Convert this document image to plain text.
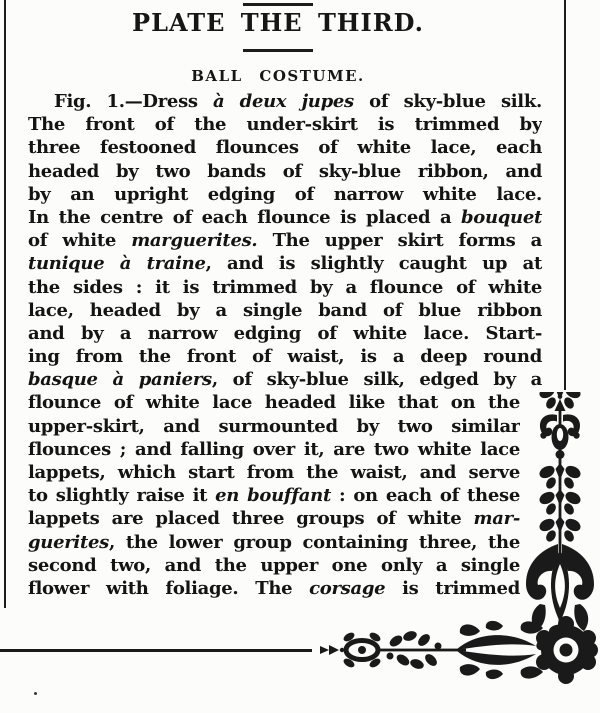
PLATE THE THIRD.
BALL COSTUME.
Fig. 1.—Dress à deux jupes of sky-blue silk.
The front of the under-skirt is trimmed by
three festooned flounces of white lace, each
headed by two bands of sky-blue ribbon, and
by an upright edging of narrow white lace.
In the centre of each flounce is placed a bouquet
of white marguerites. The upper skirt forms a
tunique à traine, and is slightly caught up at
the sides : it is trimmed by a flounce of white
lace, headed by a single band of blue ribbon
and by a narrow edging of white lace. Start-
ing from the front of waist, is a deep round
basque à paniers, of sky-blue silk, edged by a
flounce of white lace headed like that on the
upper-skirt, and surmounted by two similar
flounces ; and falling over it, are two white lace
lappets, which start from the waist, and serve
to slightly raise it en bouffant : on each of these
lappets are placed three groups of white mar-
guerites, the lower group containing three, the
second two, and the upper one only a single
flower with foliage. The corsage is trimmed
